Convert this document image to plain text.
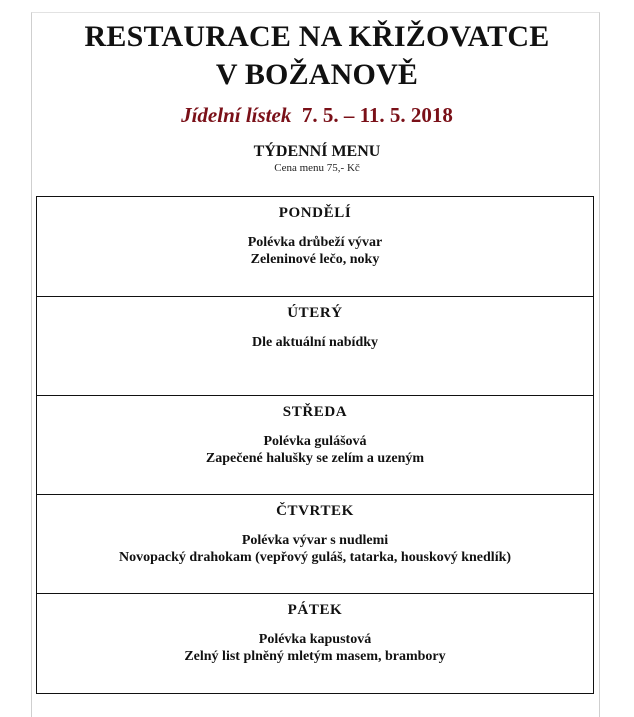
RESTAURACE NA KŘIŽOVATCE
V BOŽANOVĚ
Jídelní lístek 7. 5. – 11. 5. 2018
TÝDENNÍ MENU
Cena menu 75,- Kč
PONDĚLÍ
Polévka drůbeží vývar
Zeleninové lečo, noky
ÚTERÝ
Dle aktuální nabídky
STŘEDA
Polévka gulášová
Zapečené halušky se zelím a uzeným
ČTVRTEK
Polévka vývar s nudlemi
Novopacký drahokam (vepřový guláš, tatarka, houskový knedlík)
PÁTEK
Polévka kapustová
Zelný list plněný mletým masem, brambory
